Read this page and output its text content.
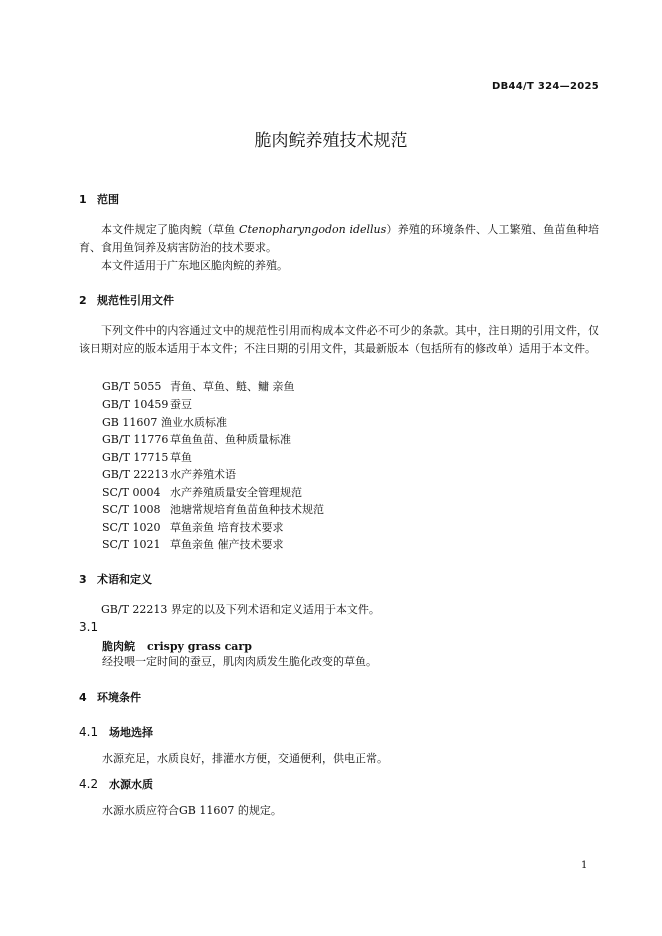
DB44/T 324—2025
脆肉鲩养殖技术规范
1 范围
本文件规定了脆肉鲩（草鱼 Ctenopharyngodon idellus）养殖的环境条件、人工繁殖、鱼苗鱼种培育、食用鱼饲养及病害防治的技术要求。
本文件适用于广东地区脆肉鲩的养殖。
2 规范性引用文件
下列文件中的内容通过文中的规范性引用而构成本文件必不可少的条款。其中，注日期的引用文件，仅该日期对应的版本适用于本文件；不注日期的引用文件，其最新版本（包括所有的修改单）适用于本文件。
GB/T 5055 青鱼、草鱼、鲢、鳙 亲鱼
GB/T 10459 蚕豆
GB 11607 渔业水质标准
GB/T 11776 草鱼鱼苗、鱼种质量标准
GB/T 17715 草鱼
GB/T 22213 水产养殖术语
SC/T 0004 水产养殖质量安全管理规范
SC/T 1008 池塘常规培育鱼苗鱼种技术规范
SC/T 1020 草鱼亲鱼 培育技术要求
SC/T 1021 草鱼亲鱼 催产技术要求
3 术语和定义
GB/T 22213 界定的以及下列术语和定义适用于本文件。
3.1
脆肉鲩 crispy grass carp
经投喂一定时间的蚕豆，肌肉肉质发生脆化改变的草鱼。
4 环境条件
4.1 场地选择
水源充足，水质良好，排灌水方便，交通便利，供电正常。
4.2 水源水质
水源水质应符合GB 11607 的规定。
1
